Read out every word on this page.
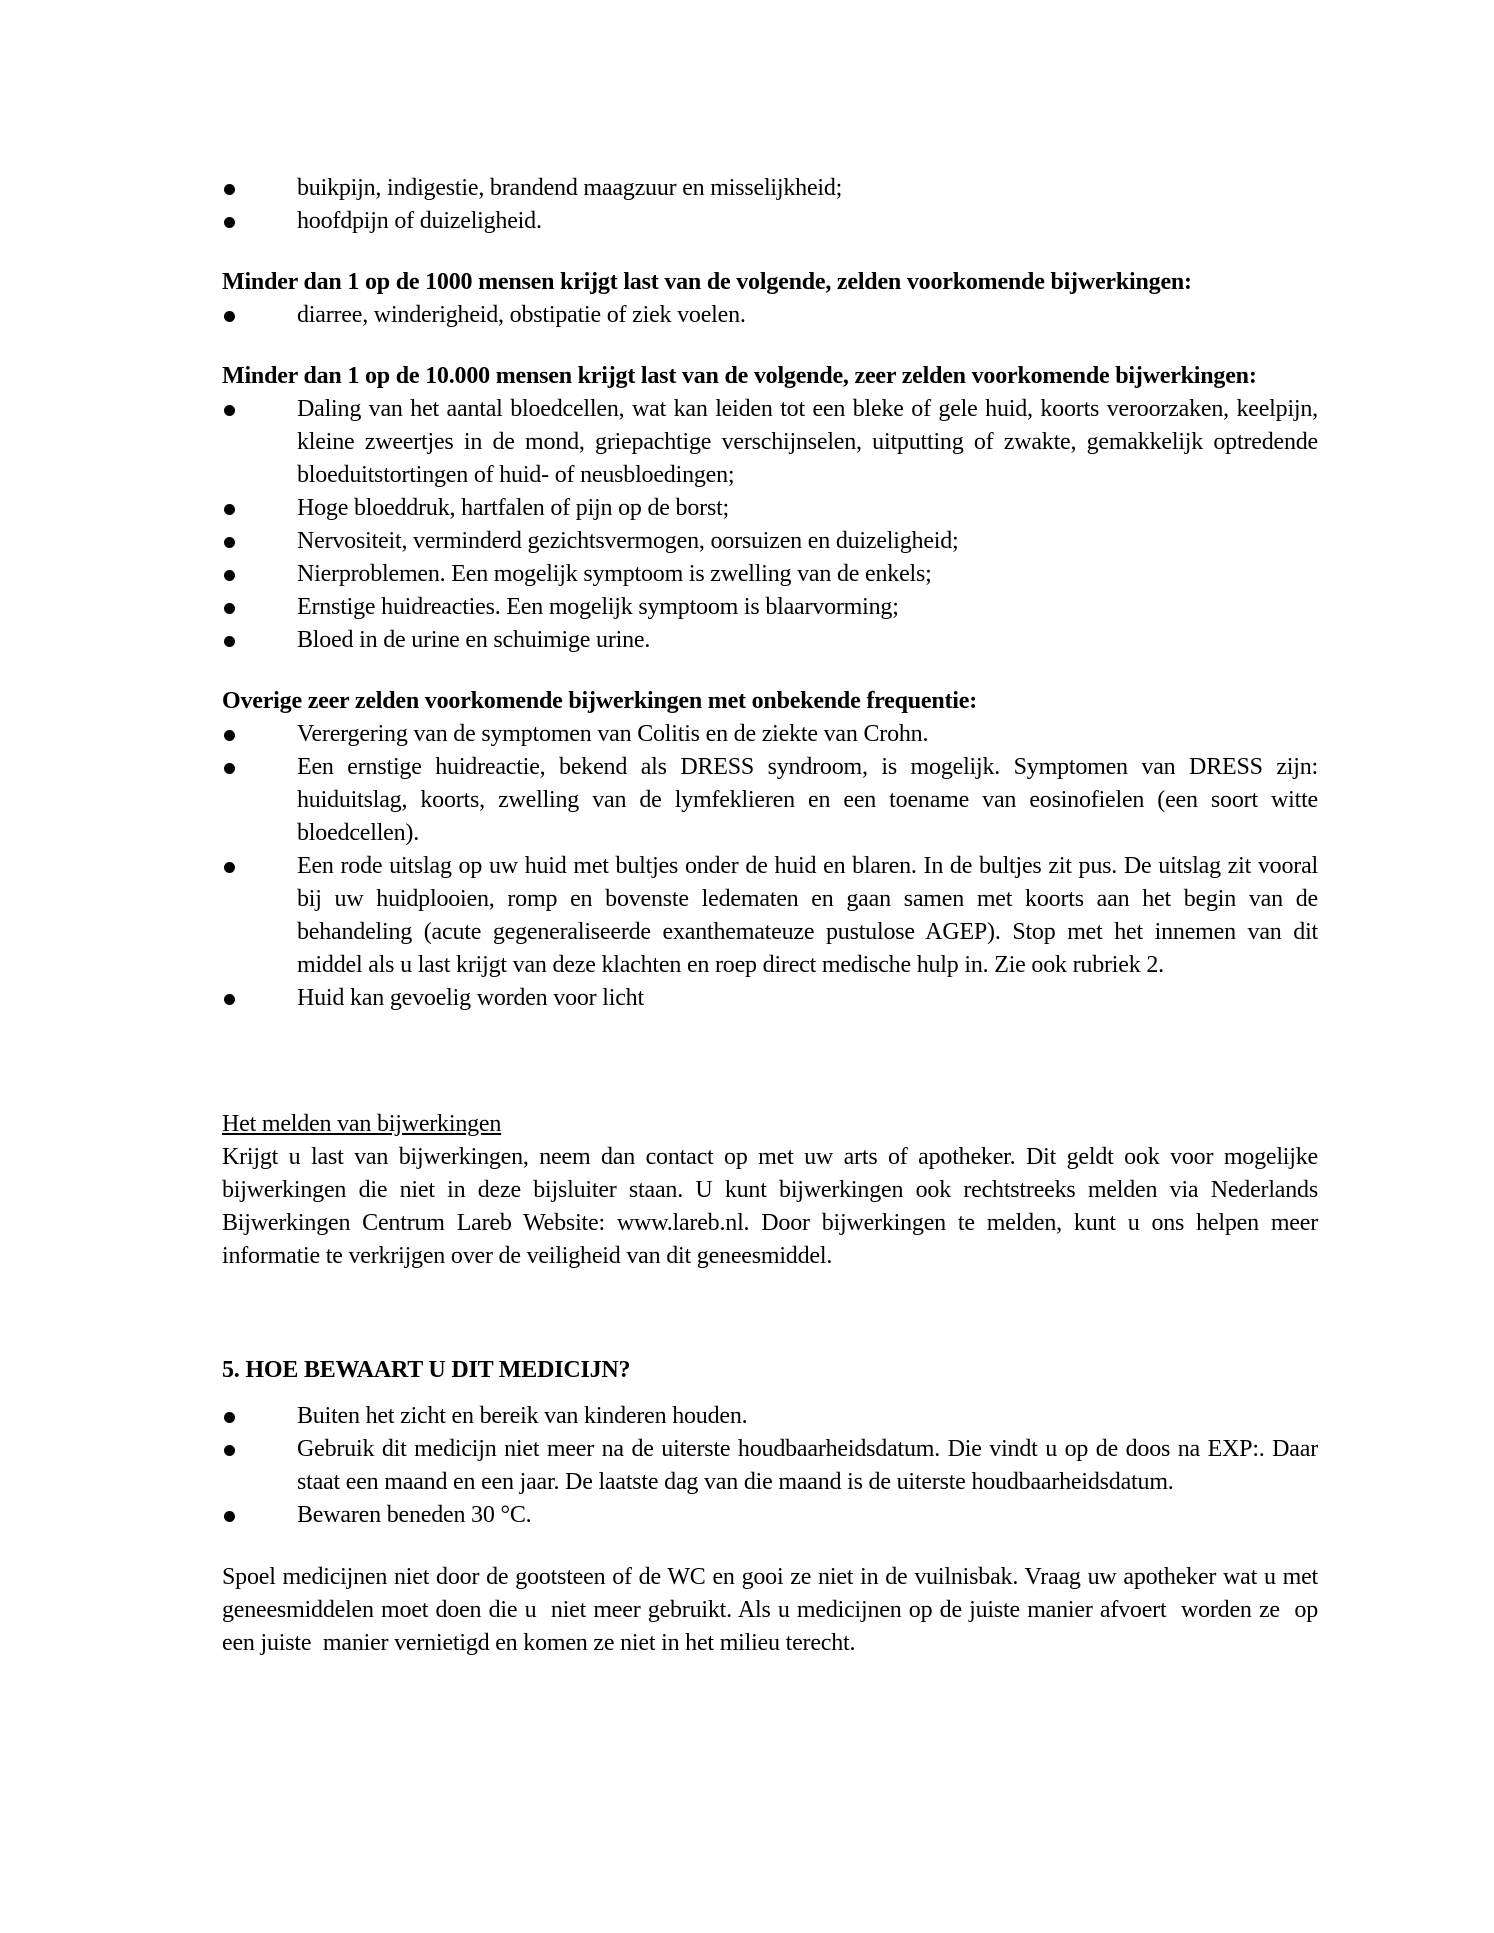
buikpijn, indigestie, brandend maagzuur en misselijkheid;
hoofdpijn of duizeligheid.

Minder dan 1 op de 1000 mensen krijgt last van de volgende, zelden voorkomende bijwerkingen:

diarree, winderigheid, obstipatie of ziek voelen.

Minder dan 1 op de 10.000 mensen krijgt last van de volgende, zeer zelden voorkomende bijwerkingen:

Daling van het aantal bloedcellen, wat kan leiden tot een bleke of gele huid, koorts veroorzaken, keelpijn, kleine zweertjes in de mond, griepachtige verschijnselen, uitputting of zwakte, gemakkelijk optredende bloeduitstortingen of huid- of neusbloedingen;
Hoge bloeddruk, hartfalen of pijn op de borst;
Nervositeit, verminderd gezichtsvermogen, oorsuizen en duizeligheid;
Nierproblemen. Een mogelijk symptoom is zwelling van de enkels;
Ernstige huidreacties. Een mogelijk symptoom is blaarvorming;
Bloed in de urine en schuimige urine.

Overige zeer zelden voorkomende bijwerkingen met onbekende frequentie:

Verergering van de symptomen van Colitis en de ziekte van Crohn.
Een ernstige huidreactie, bekend als DRESS syndroom, is mogelijk. Symptomen van DRESS zijn: huiduitslag, koorts, zwelling van de lymfeklieren en een toename van eosinofielen (een soort witte bloedcellen).
Een rode uitslag op uw huid met bultjes onder de huid en blaren. In de bultjes zit pus. De uitslag zit vooral bij uw huidplooien, romp en bovenste ledematen en gaan samen met koorts aan het begin van de behandeling (acute gegeneraliseerde exanthemateuze pustulose AGEP). Stop met het innemen van dit middel als u last krijgt van deze klachten en roep direct medische hulp in. Zie ook rubriek 2.
Huid kan gevoelig worden voor licht

Het melden van bijwerkingen

Krijgt u last van bijwerkingen, neem dan contact op met uw arts of apotheker. Dit geldt ook voor mogelijke bijwerkingen die niet in deze bijsluiter staan. U kunt bijwerkingen ook rechtstreeks melden via Nederlands Bijwerkingen Centrum Lareb Website: www.lareb.nl. Door bijwerkingen te melden, kunt u ons helpen meer informatie te verkrijgen over de veiligheid van dit geneesmiddel.

5. HOE BEWAART U DIT MEDICIJN?

Buiten het zicht en bereik van kinderen houden.
Gebruik dit medicijn niet meer na de uiterste houdbaarheidsdatum. Die vindt u op de doos na EXP:. Daar staat een maand en een jaar. De laatste dag van die maand is de uiterste houdbaarheidsdatum.
Bewaren beneden 30 °C.

Spoel medicijnen niet door de gootsteen of de WC en gooi ze niet in de vuilnisbak. Vraag uw apotheker wat u met geneesmiddelen moet doen die u  niet meer gebruikt. Als u medicijnen op de juiste manier afvoert  worden ze  op een juiste  manier vernietigd en komen ze niet in het milieu terecht.
